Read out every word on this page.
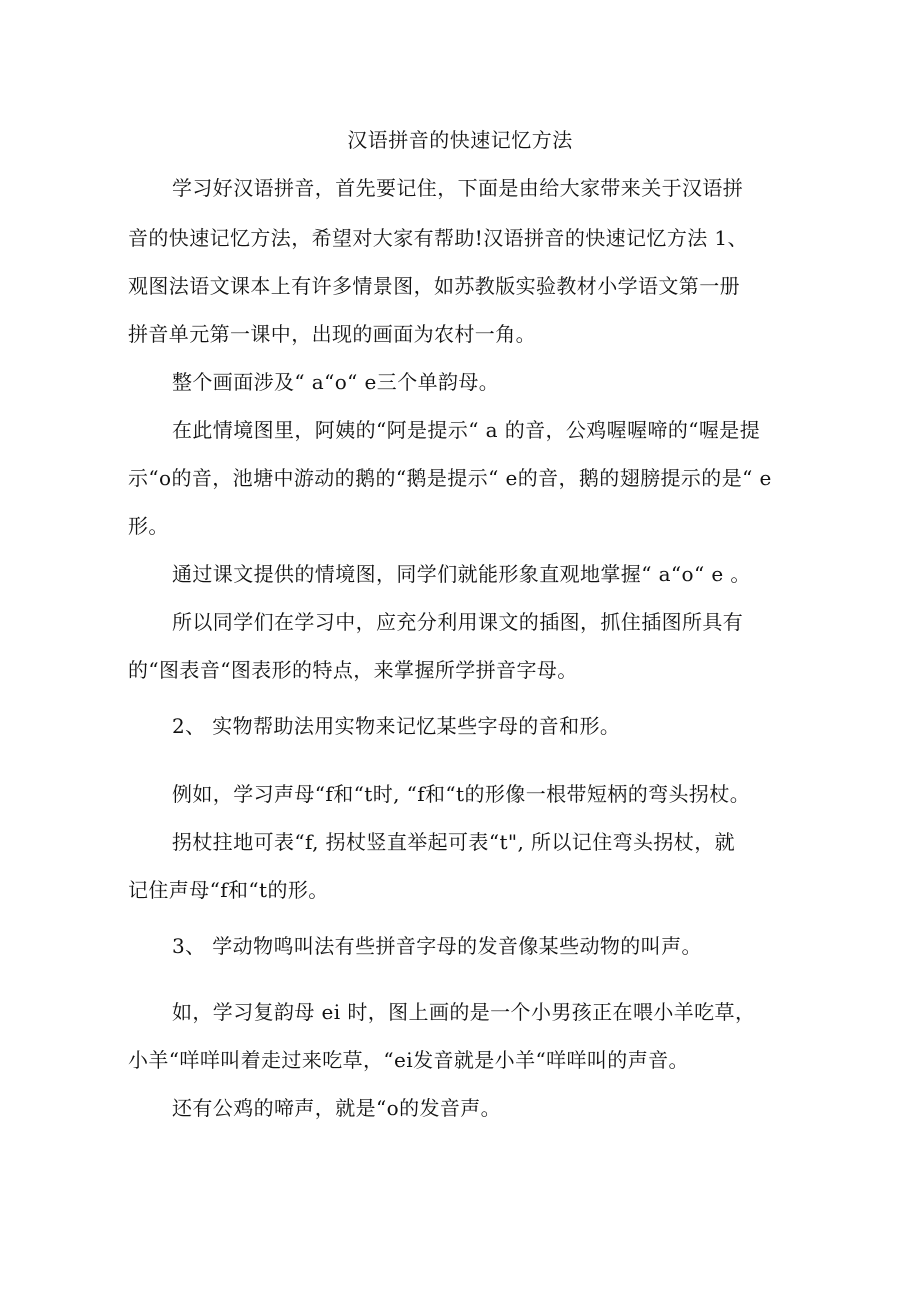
汉语拼音的快速记忆方法
学习好汉语拼音，首先要记住，下面是由给大家带来关于汉语拼
音的快速记忆方法，希望对大家有帮助!汉语拼音的快速记忆方法 1、
观图法语文课本上有许多情景图，如苏教版实验教材小学语文第一册
拼音单元第一课中，出现的画面为农村一角。
整个画面涉及“ a“o“ e三个单韵母。
在此情境图里，阿姨的“阿是提示“ a 的音，公鸡喔喔啼的“喔是提
示“o的音，池塘中游动的鹅的“鹅是提示“ e的音，鹅的翅膀提示的是“ e
形。
通过课文提供的情境图，同学们就能形象直观地掌握“ a“o“ e 。
所以同学们在学习中，应充分利用课文的插图，抓住插图所具有
的“图表音“图表形的特点，来掌握所学拼音字母。
2、 实物帮助法用实物来记忆某些字母的音和形。
例如，学习声母“f和“t时, “f和“t的形像一根带短柄的弯头拐杖。
拐杖拄地可表“f, 拐杖竖直举起可表“t", 所以记住弯头拐杖，就
记住声母“f和“t的形。
3、 学动物鸣叫法有些拼音字母的发音像某些动物的叫声。
如，学习复韵母 ei 时，图上画的是一个小男孩正在喂小羊吃草，
小羊“咩咩叫着走过来吃草，“ei发音就是小羊“咩咩叫的声音。
还有公鸡的啼声，就是“o的发音声。
